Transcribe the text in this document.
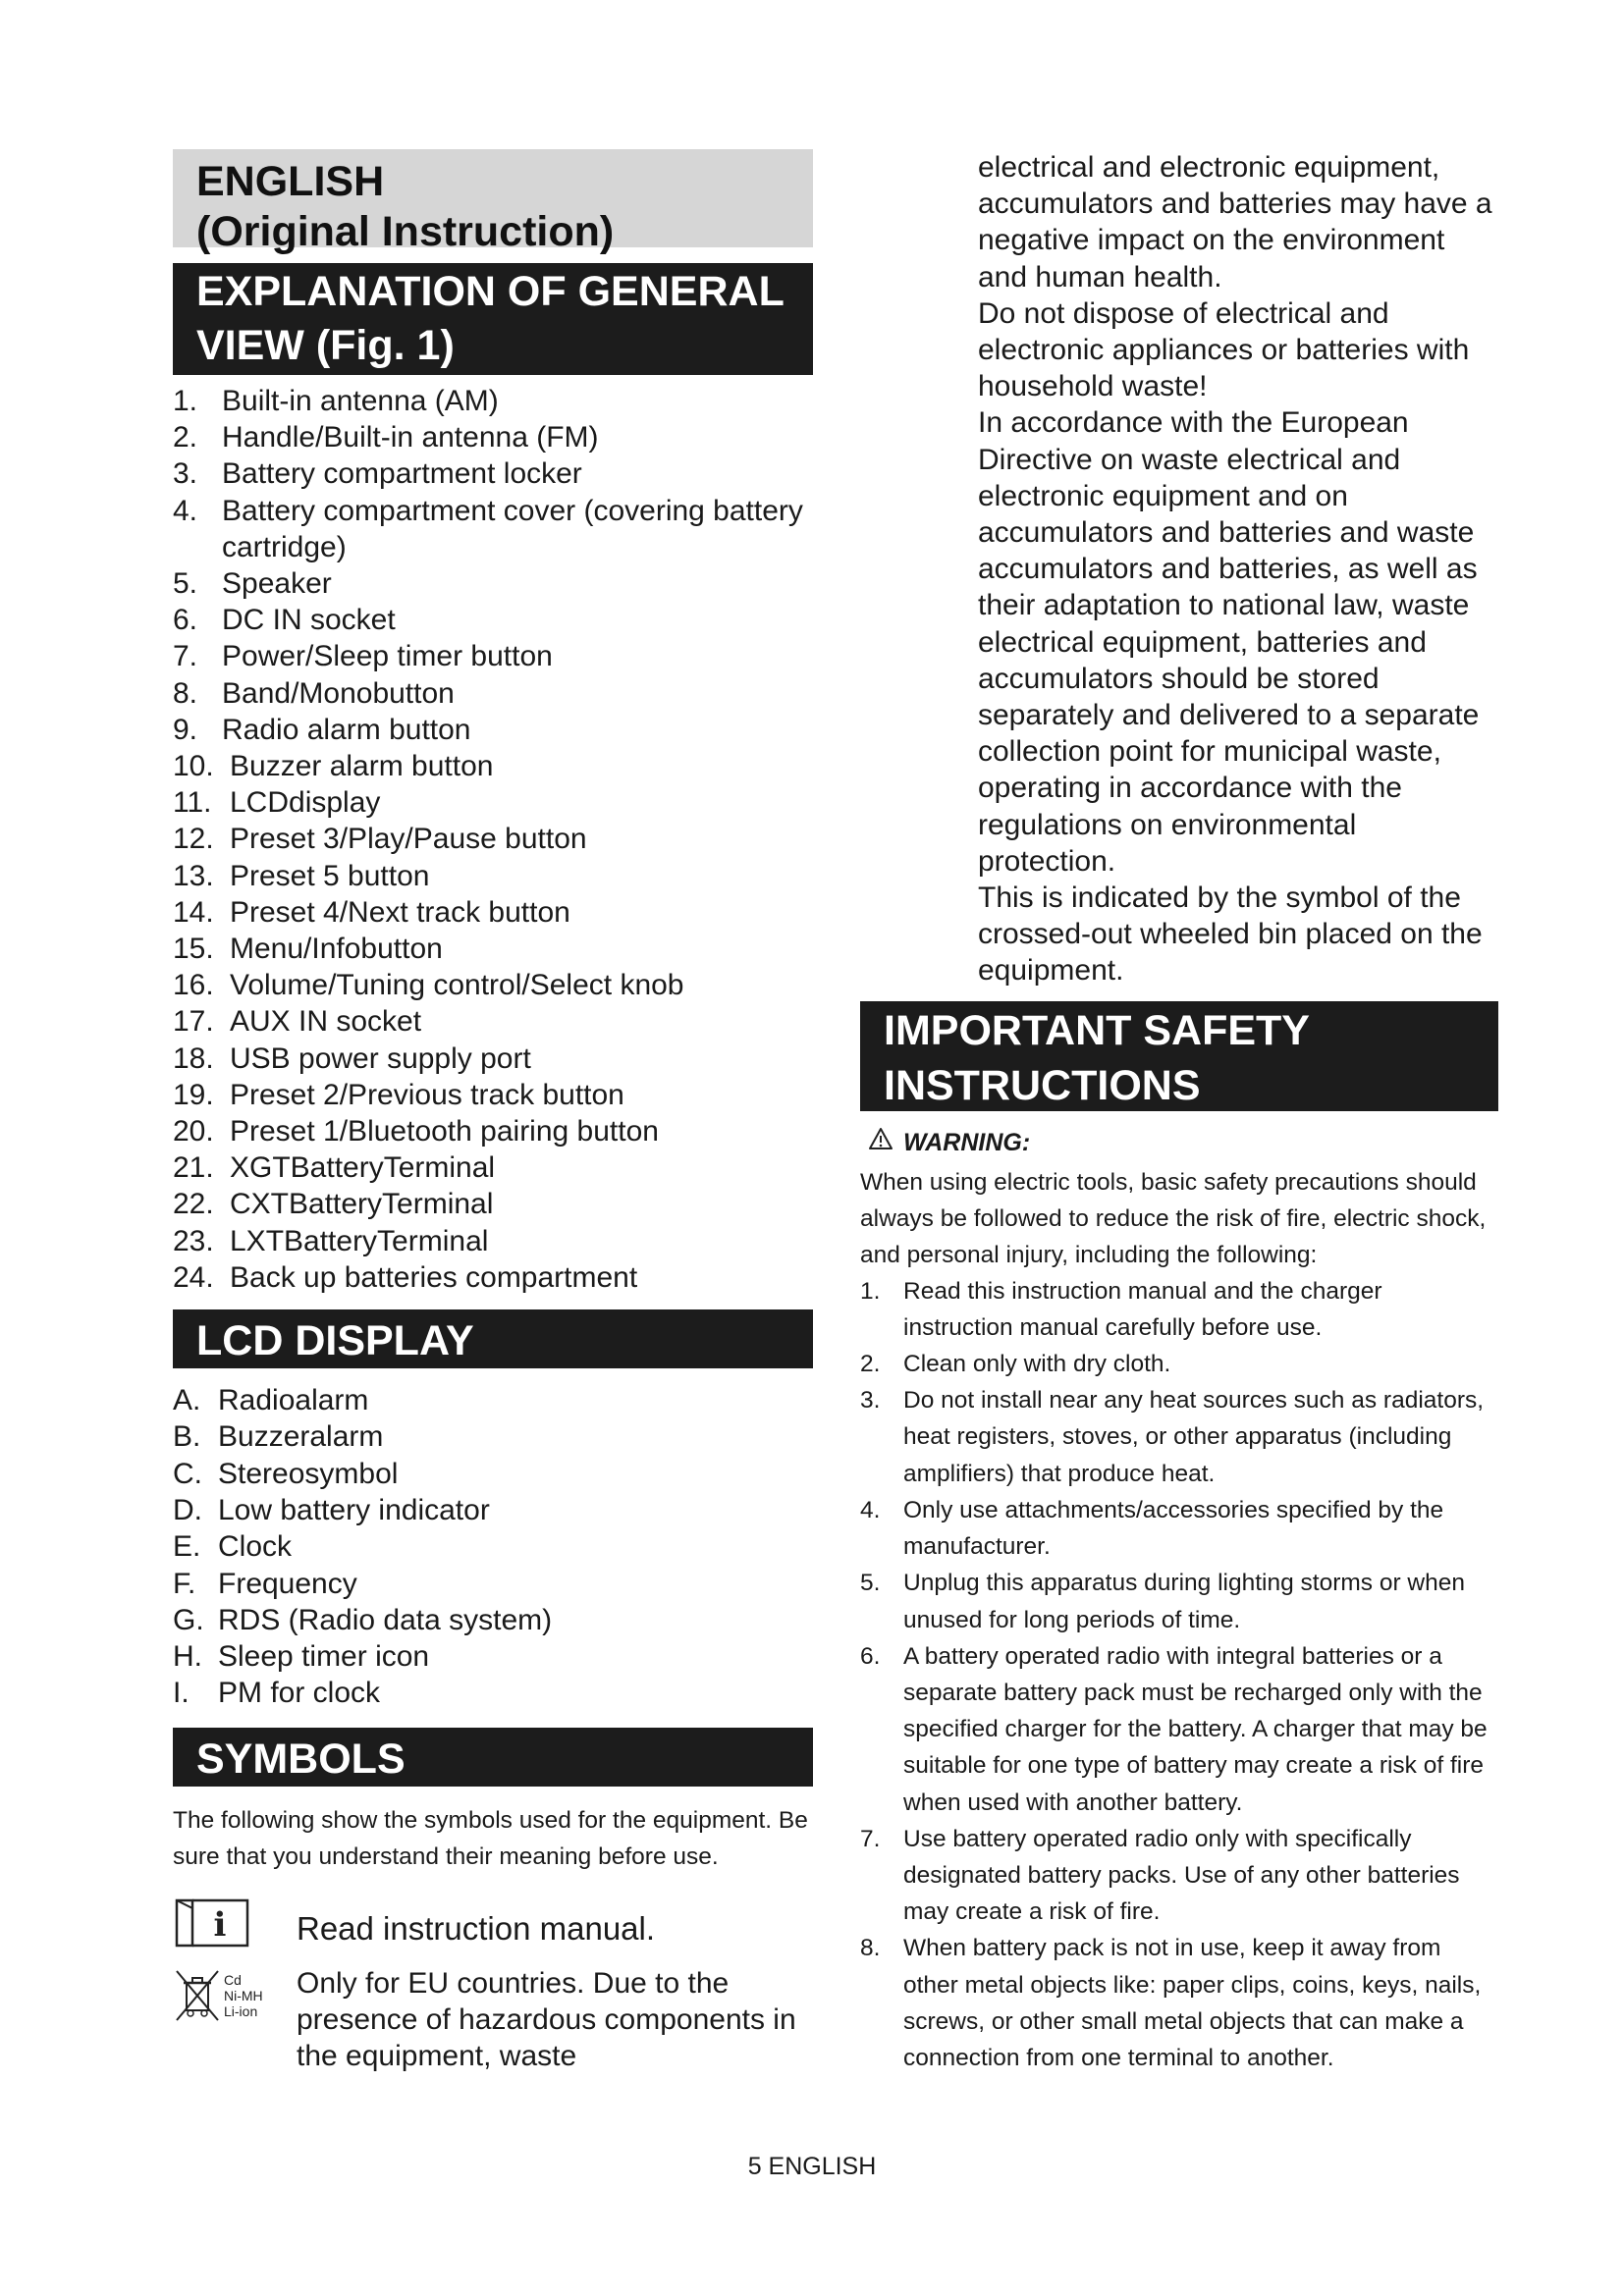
ENGLISH
(Original Instruction)
EXPLANATION OF GENERAL
VIEW (Fig. 1)
1. Built-in antenna (AM)
2. Handle/Built-in antenna (FM)
3. Battery compartment locker
4. Battery compartment cover (covering battery cartridge)
5. Speaker
6. DC IN socket
7. Power/Sleep timer button
8. Band/Monobutton
9. Radio alarm button
10. Buzzer alarm button
11. LCDdisplay
12. Preset 3/Play/Pause button
13. Preset 5 button
14. Preset 4/Next track button
15. Menu/Infobutton
16. Volume/Tuning control/Select knob
17. AUX IN socket
18. USB power supply port
19. Preset 2/Previous track button
20. Preset 1/Bluetooth pairing button
21. XGTBatteryTerminal
22. CXTBatteryTerminal
23. LXTBatteryTerminal
24. Back up batteries compartment
LCD DISPLAY
A. Radioalarm
B. Buzzeralarm
C. Stereosymbol
D. Low battery indicator
E. Clock
F. Frequency
G. RDS (Radio data system)
H. Sleep timer icon
I. PM for clock
SYMBOLS

The following show the symbols used for the equipment. Be sure that you understand their meaning before use.

i Read instruction manual.
Cd
Ni-MH
Li-ion
Only for EU countries. Due to the presence of hazardous components in the equipment, waste

electrical and electronic equipment, accumulators and batteries may have a negative impact on the environment and human health.

Do not dispose of electrical and electronic appliances or batteries with household waste!

In accordance with the European Directive on waste electrical and electronic equipment and on accumulators and batteries and waste accumulators and batteries, as well as their adaptation to national law, waste electrical equipment, batteries and accumulators should be stored separately and delivered to a separate collection point for municipal waste, operating in accordance with the regulations on environmental protection.

This is indicated by the symbol of the crossed-out wheeled bin placed on the equipment.

IMPORTANT SAFETY
INSTRUCTIONS
WARNING:

When using electric tools, basic safety precautions should always be followed to reduce the risk of fire, electric shock, and personal injury, including the following:

1. Read this instruction manual and the charger instruction manual carefully before use.
2. Clean only with dry cloth.
3. Do not install near any heat sources such as radiators, heat registers, stoves, or other apparatus (including amplifiers) that produce heat.
4. Only use attachments/accessories specified by the manufacturer.
5. Unplug this apparatus during lighting storms or when unused for long periods of time.
6. A battery operated radio with integral batteries or a separate battery pack must be recharged only with the specified charger for the battery. A charger that may be suitable for one type of battery may create a risk of fire when used with another battery.
7. Use battery operated radio only with specifically designated battery packs. Use of any other batteries may create a risk of fire.
8. When battery pack is not in use, keep it away from other metal objects like: paper clips, coins, keys, nails, screws, or other small metal objects that can make a connection from one terminal to another.
5 ENGLISH
